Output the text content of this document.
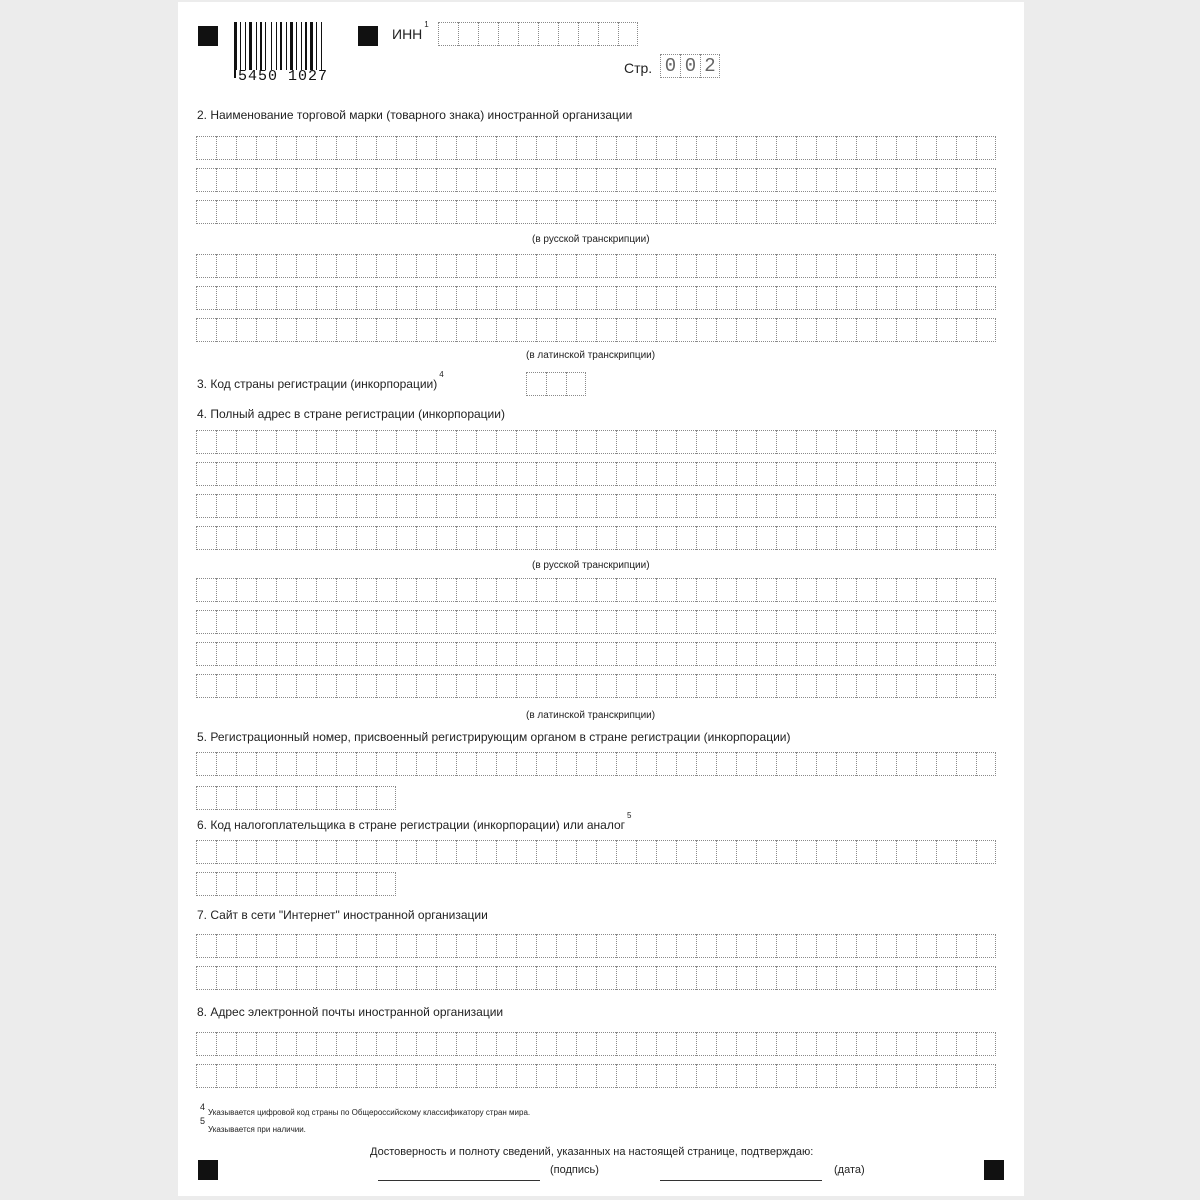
5450 1027
ИНН$^1$
Стр. 0 0 2
2. Наименование торговой марки (товарного знака) иностранной организации
(в русской транскрипции)
(в латинской транскрипции)
3. Код страны регистрации (инкорпорации)$^4$
4. Полный адрес в стране регистрации (инкорпорации)
(в русской транскрипции)
(в латинской транскрипции)
5. Регистрационный номер, присвоенный регистрирующим органом в стране регистрации (инкорпорации)
6. Код налогоплательщика в стране регистрации (инкорпорации) или аналог$^5$
7. Сайт в сети "Интернет" иностранной организации
8. Адрес электронной почты иностранной организации
4
Указывается цифровой код страны по Общероссийскому классификатору стран мира.
5
Указывается при наличии.
Достоверность и полноту сведений, указанных на настоящей странице, подтверждаю:
(подпись)	(дата)
